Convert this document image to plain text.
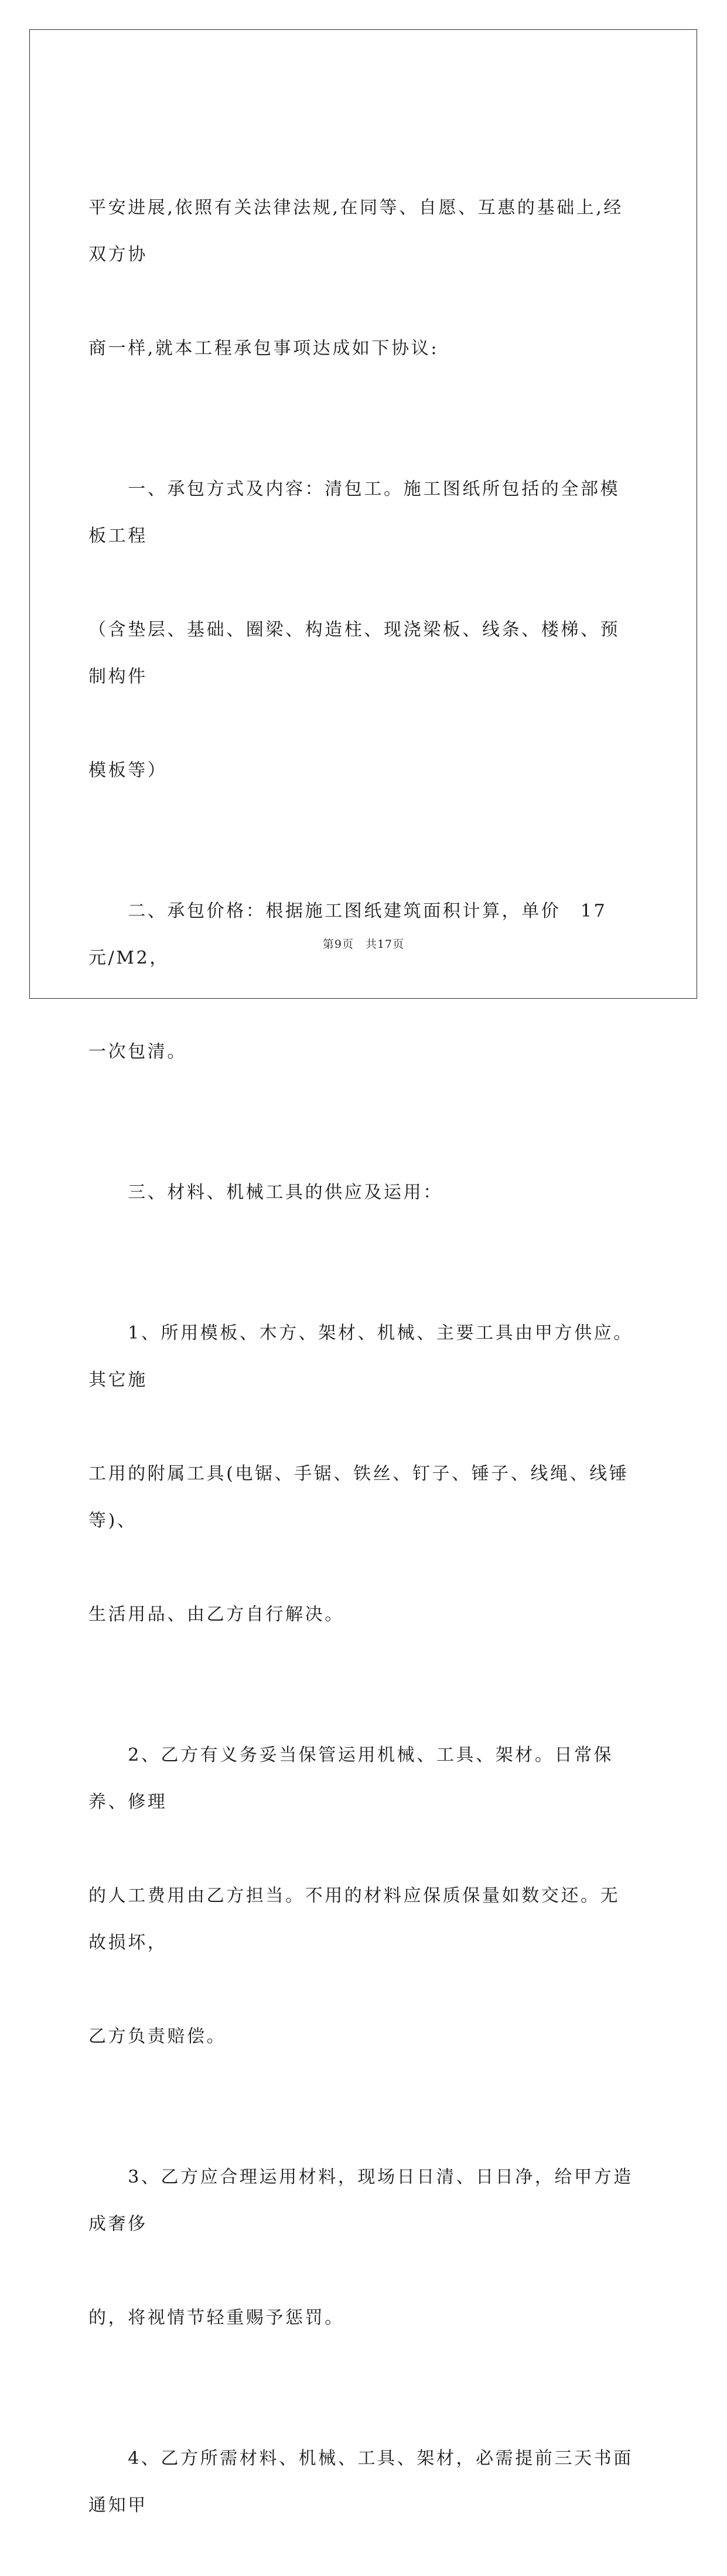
平安进展,依照有关法律法规,在同等、自愿、互惠的基础上,经双方协

商一样,就本工程承包事项达成如下协议:

　　一、承包方式及内容：清包工。施工图纸所包括的全部模板工程

（含垫层、基础、圈梁、构造柱、现浇梁板、线条、楼梯、预制构件

模板等）

　　二、承包价格：根据施工图纸建筑面积计算，单价　17　元/M2，

一次包清。

　　三、材料、机械工具的供应及运用：

　　1、所用模板、木方、架材、机械、主要工具由甲方供应。其它施

工用的附属工具(电锯、手锯、铁丝、钉子、锤子、线绳、线锤等)、

生活用品、由乙方自行解决。

　　2、乙方有义务妥当保管运用机械、工具、架材。日常保养、修理

的人工费用由乙方担当。不用的材料应保质保量如数交还。无故损坏，

乙方负责赔偿。

　　3、乙方应合理运用材料，现场日日清、日日净，给甲方造成奢侈

的，将视情节轻重赐予惩罚。

　　4、乙方所需材料、机械、工具、架材，必需提前三天书面通知甲

第9页　共17页
